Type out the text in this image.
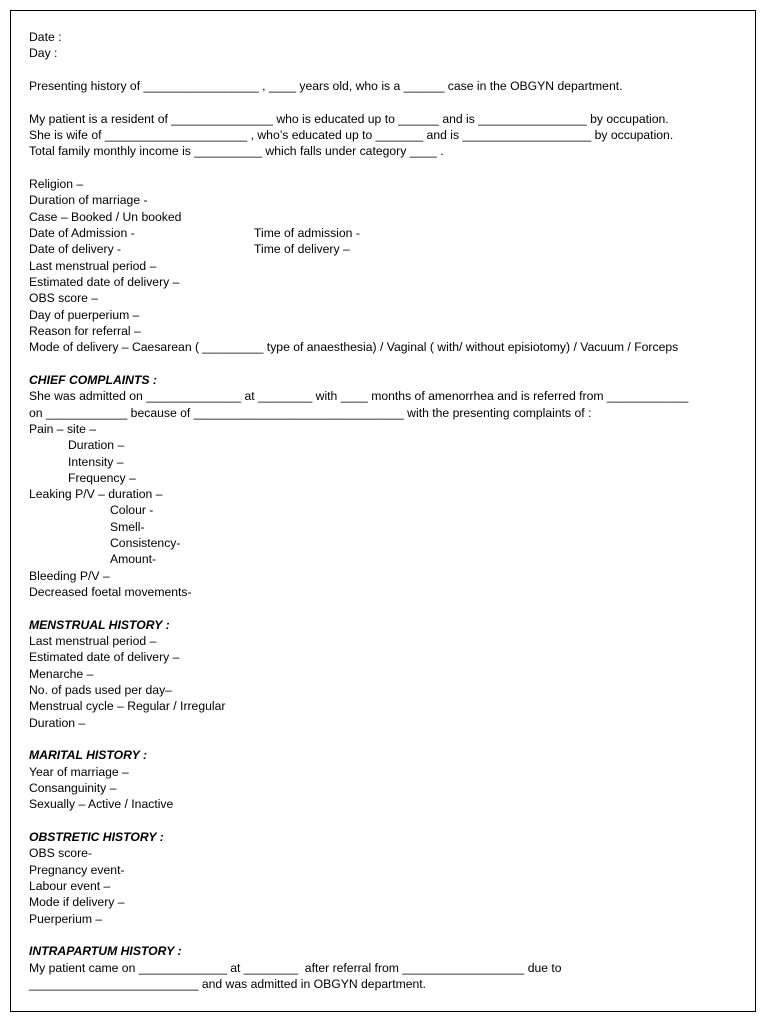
Date :
Day :
Presenting history of _________________ , ____ years old, who is a ______ case in the OBGYN department.
My patient is a resident of _______________ who is educated up to ______ and is ________________ by occupation.
She is wife of _____________________ , who’s educated up to _______ and is ___________________ by occupation.
Total family monthly income is __________ which falls under category ____ .
Religion –
Duration of marriage -
Case – Booked / Un booked
Date of Admission -	Time of admission -
Date of delivery -	Time of delivery –
Last menstrual period –
Estimated date of delivery –
OBS score –
Day of puerperium –
Reason for referral –
Mode of delivery – Caesarean ( _________ type of anaesthesia) / Vaginal ( with/ without episiotomy) / Vacuum / Forceps
CHIEF COMPLAINTS :
She was admitted on ______________ at ________ with ____ months of amenorrhea and is referred from ____________
on ____________ because of _______________________________ with the presenting complaints of :
Pain – site –
Duration –
Intensity –
Frequency –
Leaking P/V – duration –
Colour -
Smell-
Consistency-
Amount-
Bleeding P/V –
Decreased foetal movements-
MENSTRUAL HISTORY :
Last menstrual period –
Estimated date of delivery –
Menarche –
No. of pads used per day–
Menstrual cycle – Regular / Irregular
Duration –
MARITAL HISTORY :
Year of marriage –
Consanguinity –
Sexually – Active / Inactive
OBSTRETIC HISTORY :
OBS score-
Pregnancy event-
Labour event –
Mode if delivery –
Puerperium –
INTRAPARTUM HISTORY :
My patient came on _____________ at ________  after referral from __________________ due to
_________________________ and was admitted in OBGYN department.
